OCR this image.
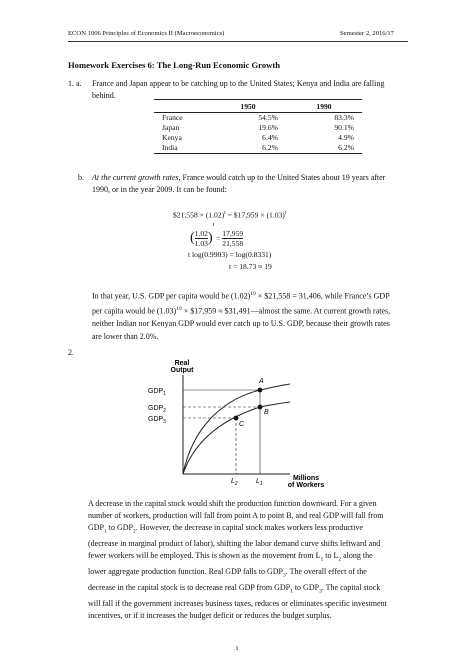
ECON 1006 Principles of Economics II (Macroeconomics)	Semester 2, 2016/17
Homework Exercises 6: The Long-Run Economic Growth
1. a. France and Japan appear to be catching up to the United States; Kenya and India are falling
behind.
	1950	1990
France	54.5%	83.3%
Japan	19.6%	90.1%
Kenya	6.4%	4.9%
India	6.2%	6.2%
b. At the current growth rates, France would catch up to the United States about 19 years after
1990, or in the year 2009. It can be found:
$21,558 × $(1.02)^t$ = $17,959 × $(1.03)^t$
( $\frac{1.02}{1.03} )^t = \frac{17,959}{21,558}$
t log(0.9903) = log(0.8331)
t = 18.73 ≈ 19
In that year, U.S. GDP per capita would be $(1.02)^{19}$ × $21,558 = 31,406, while France’s GDP
per capita would be $(1.03)^{19}$ × $17,959 ≈ $31,491—almost the same. At current growth rates,
neither Indian nor Kenyan GDP would ever catch up to U.S. GDP, because their growth rates
are lower than 2.0%.
2.
Real
Output
A
B
C
$GDP_1$
$GDP_2$
$GDP_3$
$L_2$	$L_1$
Millions
of Workers
A decrease in the capital stock would shift the production function downward. For a given
number of workers, production will fall from point A to point B, and real GDP will fall from
$GDP_1$ to $GDP_2$. However, the decrease in capital stock makes workers less productive
(decrease in marginal product of labor), shifting the labor demand curve shifts leftward and
fewer workers will be employed. This is shown as the movement from $L_1$ to $L_2$ along the
lower aggregate production function. Real GDP falls to $GDP_3$. The overall effect of the
decrease in the capital stock is to decrease real GDP from $GDP_1$ to $GDP_3$. The capital stock
will fall if the government increases business taxes, reduces or eliminates specific investment
incentives, or if it increases the budget deficit or reduces the budget surplus.
1
